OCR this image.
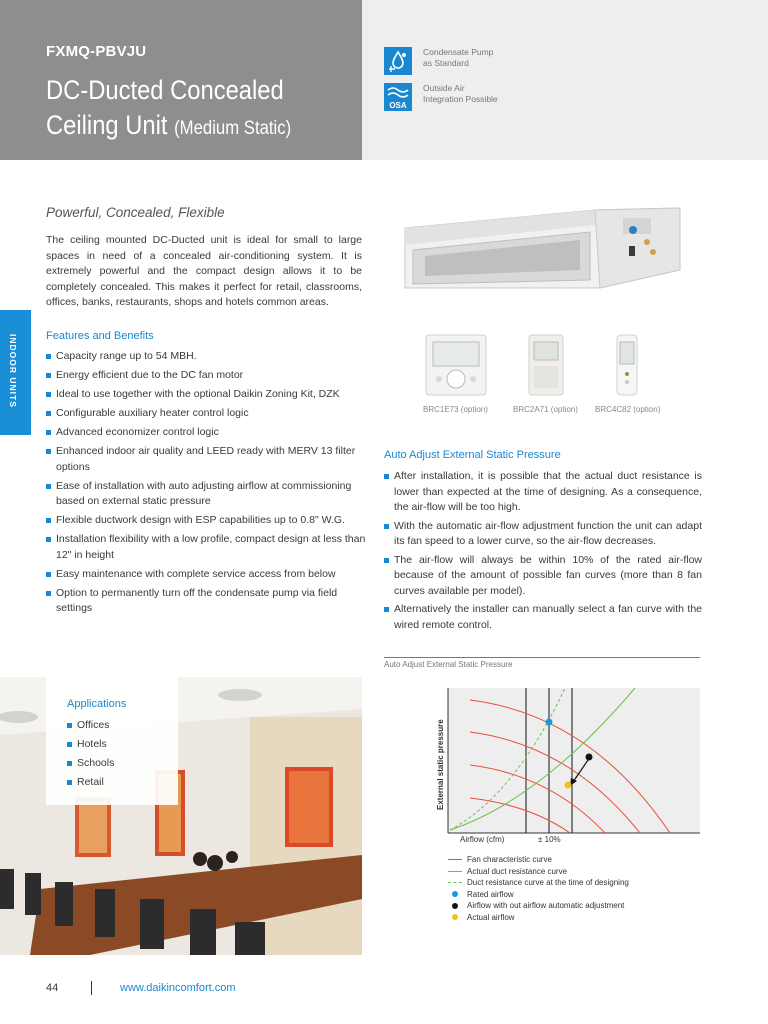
FXMQ-PBVJU
DC-Ducted Concealed
Ceiling Unit (Medium Static)
Condensate Pump
as Standard
OSA
Outside Air
Integration Possible
INDOOR UNITS
Powerful, Concealed, Flexible

The ceiling mounted DC-Ducted unit is ideal for small to large spaces in need of a concealed air-conditioning system. It is extremely powerful and the compact design allows it to be completely concealed. This makes it perfect for retail, classrooms, offices, banks, restaurants, shops and hotels common areas.

Features and Benefits
Capacity range up to 54 MBH.
Energy efficient due to the DC fan motor
Ideal to use together with the optional Daikin Zoning Kit, DZK
Configurable auxiliary heater control logic
Advanced economizer control logic
Enhanced indoor air quality and LEED ready with MERV 13 filter options
Ease of installation with auto adjusting airflow at commissioning based on external static pressure
Flexible ductwork design with ESP capabilities up to 0.8" W.G.
Installation flexibility with a low profile, compact design at less than 12" in height
Easy maintenance with complete service access from below
Option to permanently turn off the condensate pump via field settings
BRC1E73 (option)	BRC2A71 (option) BRC4C82 (option)
Auto Adjust External Static Pressure
After installation, it is possible that the actual duct resistance is lower than expected at the time of designing. As a consequence, the air-flow will be too high.
With the automatic air-flow adjustment function the unit can adapt its fan speed to a lower curve, so the air-flow decreases.
The air-flow will always be within 10% of the rated air-flow because of the amount of possible fan curves (more than 8 fan curves available per model).
Alternatively the installer can manually select a fan curve with the wired remote control.
Auto Adjust External Static Pressure
External static pressure
Airflow (cfm)	± 10%
Fan characteristic curve
Actual duct resistance curve
Duct resistance curve at the time of designing
Rated airflow
Airflow with out airflow automatic adjustment
Actual airflow
Applications
Offices
Hotels
Schools
Retail
44	www.daikincomfort.com
